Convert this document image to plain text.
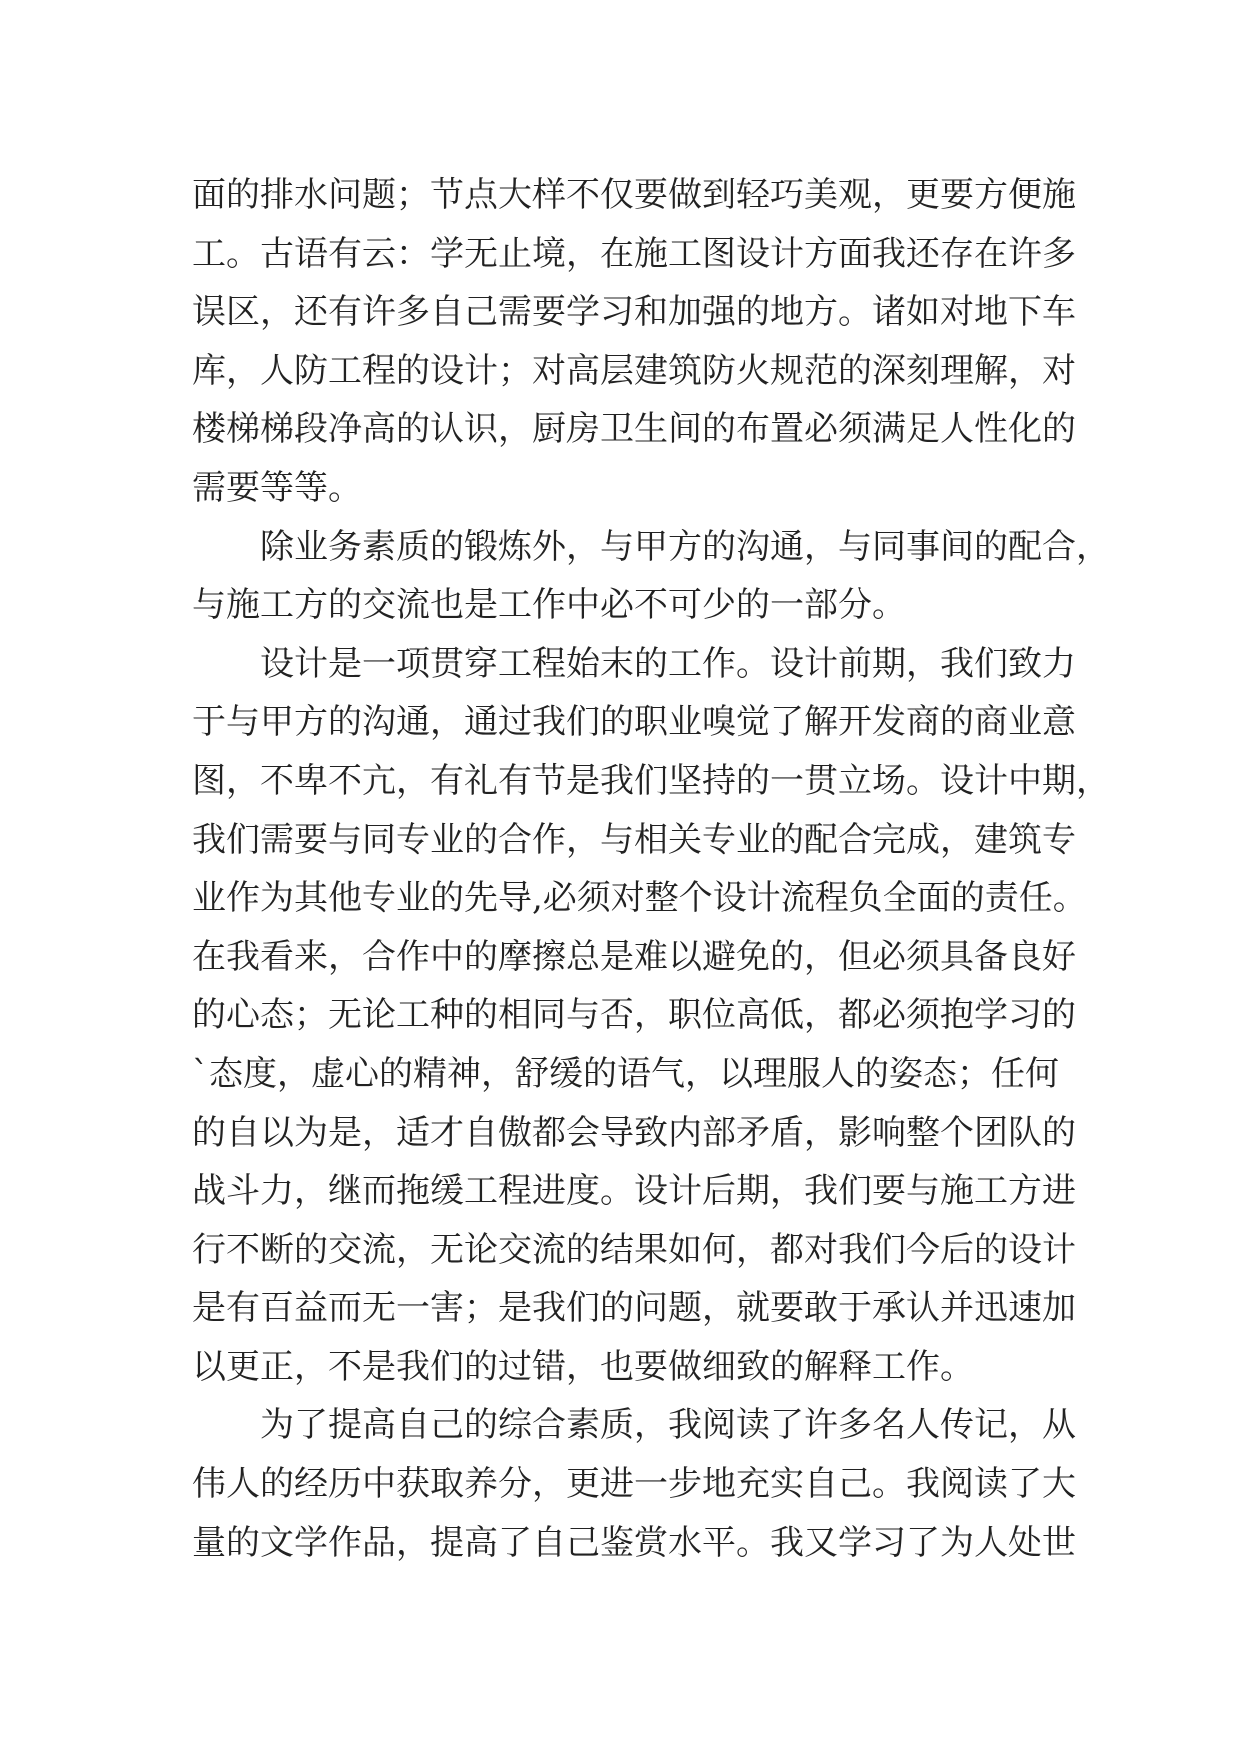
面的排水问题；节点大样不仅要做到轻巧美观，更要方便施
工。古语有云：学无止境，在施工图设计方面我还存在许多
误区，还有许多自己需要学习和加强的地方。诸如对地下车
库，人防工程的设计；对高层建筑防火规范的深刻理解，对
楼梯梯段净高的认识，厨房卫生间的布置必须满足人性化的
需要等等。
除业务素质的锻炼外，与甲方的沟通，与同事间的配合，
与施工方的交流也是工作中必不可少的一部分。
设计是一项贯穿工程始末的工作。设计前期，我们致力
于与甲方的沟通，通过我们的职业嗅觉了解开发商的商业意
图，不卑不亢，有礼有节是我们坚持的一贯立场。设计中期，
我们需要与同专业的合作，与相关专业的配合完成，建筑专
业作为其他专业的先导,必须对整个设计流程负全面的责任。
在我看来，合作中的摩擦总是难以避免的，但必须具备良好
的心态；无论工种的相同与否，职位高低，都必须抱学习的
`态度，虚心的精神，舒缓的语气，以理服人的姿态；任何
的自以为是，适才自傲都会导致内部矛盾，影响整个团队的
战斗力，继而拖缓工程进度。设计后期，我们要与施工方进
行不断的交流，无论交流的结果如何，都对我们今后的设计
是有百益而无一害；是我们的问题，就要敢于承认并迅速加
以更正，不是我们的过错，也要做细致的解释工作。
为了提高自己的综合素质，我阅读了许多名人传记，从
伟人的经历中获取养分，更进一步地充实自己。我阅读了大
量的文学作品，提高了自己鉴赏水平。我又学习了为人处世
